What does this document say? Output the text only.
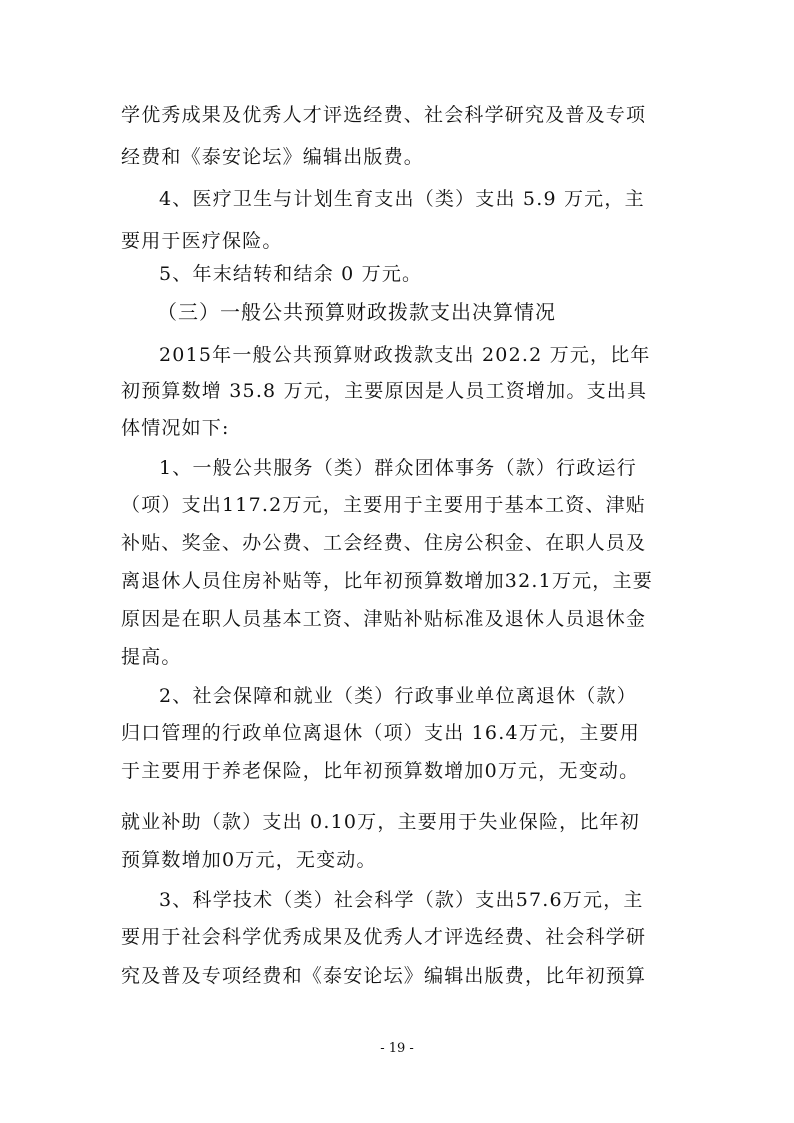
学优秀成果及优秀人才评选经费、社会科学研究及普及专项
经费和《泰安论坛》编辑出版费。
4、医疗卫生与计划生育支出（类）支出 5.9 万元，主
要用于医疗保险。
5、年末结转和结余 0 万元。
（三）一般公共预算财政拨款支出决算情况
2015年一般公共预算财政拨款支出 202.2 万元，比年
初预算数增 35.8 万元，主要原因是人员工资增加。支出具
体情况如下:
1、一般公共服务（类）群众团体事务（款）行政运行
（项）支出117.2万元，主要用于主要用于基本工资、津贴
补贴、奖金、办公费、工会经费、住房公积金、在职人员及
离退休人员住房补贴等，比年初预算数增加32.1万元，主要
原因是在职人员基本工资、津贴补贴标准及退休人员退休金
提高。
2、社会保障和就业（类）行政事业单位离退休（款）
归口管理的行政单位离退休（项）支出 16.4万元，主要用
于主要用于养老保险，比年初预算数增加0万元，无变动。
就业补助（款）支出 0.10万，主要用于失业保险，比年初
预算数增加0万元，无变动。
3、科学技术（类）社会科学（款）支出57.6万元，主
要用于社会科学优秀成果及优秀人才评选经费、社会科学研
究及普及专项经费和《泰安论坛》编辑出版费，比年初预算
- 19 -
